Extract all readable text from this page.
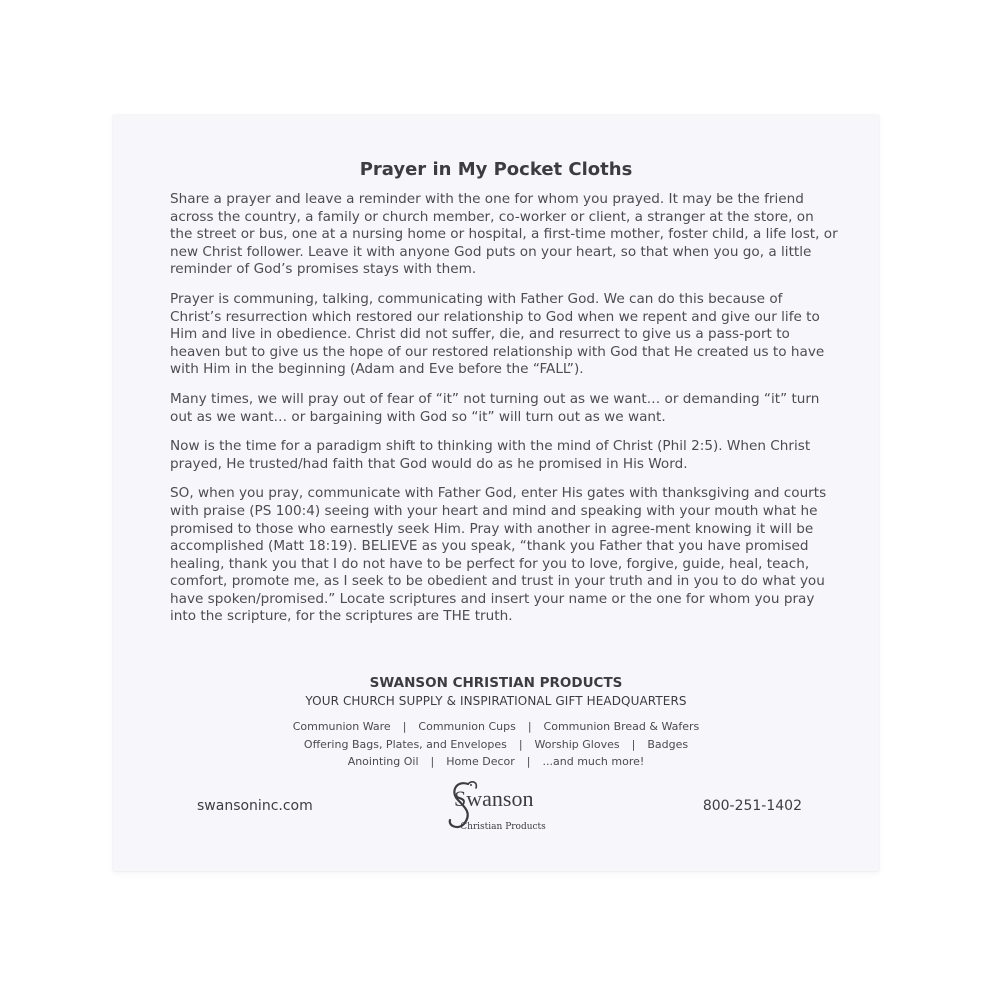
Prayer in My Pocket Cloths

Share a prayer and leave a reminder with the one for whom you prayed. It may be the friend across the country, a family or church member, co-worker or client, a stranger at the store, on the street or bus, one at a nursing home or hospital, a first-time mother, foster child, a life lost, or new Christ follower. Leave it with anyone God puts on your heart, so that when you go, a little reminder of God’s promises stays with them.

Prayer is communing, talking, communicating with Father God. We can do this because of Christ’s resurrection which restored our relationship to God when we repent and give our life to Him and live in obedience. Christ did not suffer, die, and resurrect to give us a pass-port to heaven but to give us the hope of our restored relationship with God that He created us to have with Him in the beginning (Adam and Eve before the “FALL”).

Many times, we will pray out of fear of “it” not turning out as we want… or demanding “it” turn out as we want… or bargaining with God so “it” will turn out as we want.

Now is the time for a paradigm shift to thinking with the mind of Christ (Phil 2:5). When Christ prayed, He trusted/had faith that God would do as he promised in His Word.

SO, when you pray, communicate with Father God, enter His gates with thanksgiving and courts with praise (PS 100:4) seeing with your heart and mind and speaking with your mouth what he promised to those who earnestly seek Him. Pray with another in agree-ment knowing it will be accomplished (Matt 18:19). BELIEVE as you speak, “thank you Father that you have promised healing, thank you that I do not have to be perfect for you to love, forgive, guide, heal, teach, comfort, promote me, as I seek to be obedient and trust in your truth and in you to do what you have spoken/promised.” Locate scriptures and insert your name or the one for whom you pray into the scripture, for the scriptures are THE truth.

SWANSON CHRISTIAN PRODUCTS
YOUR CHURCH SUPPLY & INSPIRATIONAL GIFT HEADQUARTERS
Communion Ware | Communion Cups | Communion Bread & Wafers
Offering Bags, Plates, and Envelopes | Worship Gloves | Badges
Anointing Oil | Home Decor | ...and much more!
swansoninc.com	Swanson
Christian Products
800-251-1402
